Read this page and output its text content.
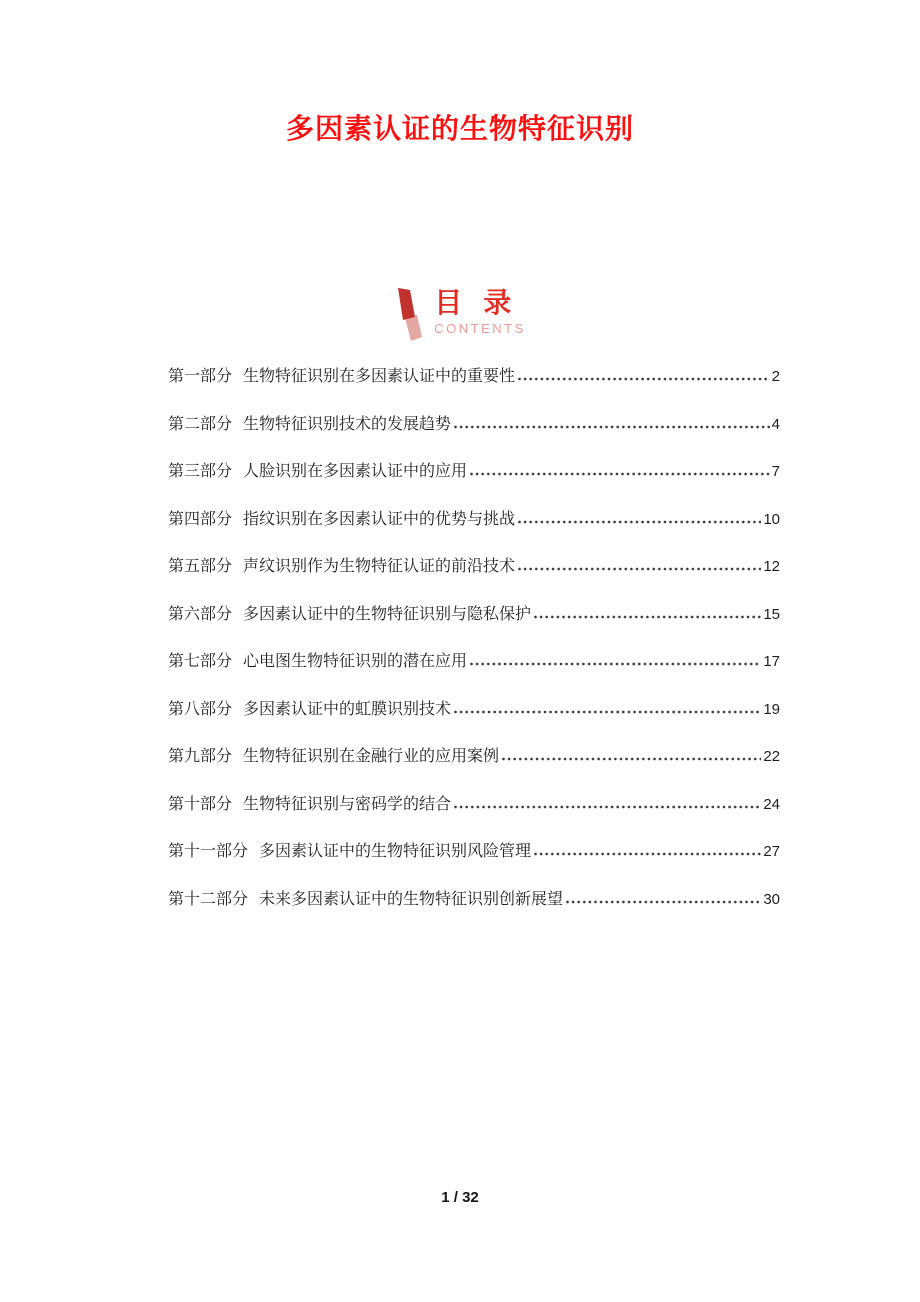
多因素认证的生物特征识别
目 录
CONTENTS
第一部分 生物特征识别在多因素认证中的重要性	2
第二部分 生物特征识别技术的发展趋势	4
第三部分 人脸识别在多因素认证中的应用	7
第四部分 指纹识别在多因素认证中的优势与挑战	10
第五部分 声纹识别作为生物特征认证的前沿技术	12
第六部分 多因素认证中的生物特征识别与隐私保护	15
第七部分 心电图生物特征识别的潜在应用	17
第八部分 多因素认证中的虹膜识别技术	19
第九部分 生物特征识别在金融行业的应用案例	22
第十部分 生物特征识别与密码学的结合	24
第十一部分 多因素认证中的生物特征识别风险管理	27
第十二部分 未来多因素认证中的生物特征识别创新展望	30
1 / 32
